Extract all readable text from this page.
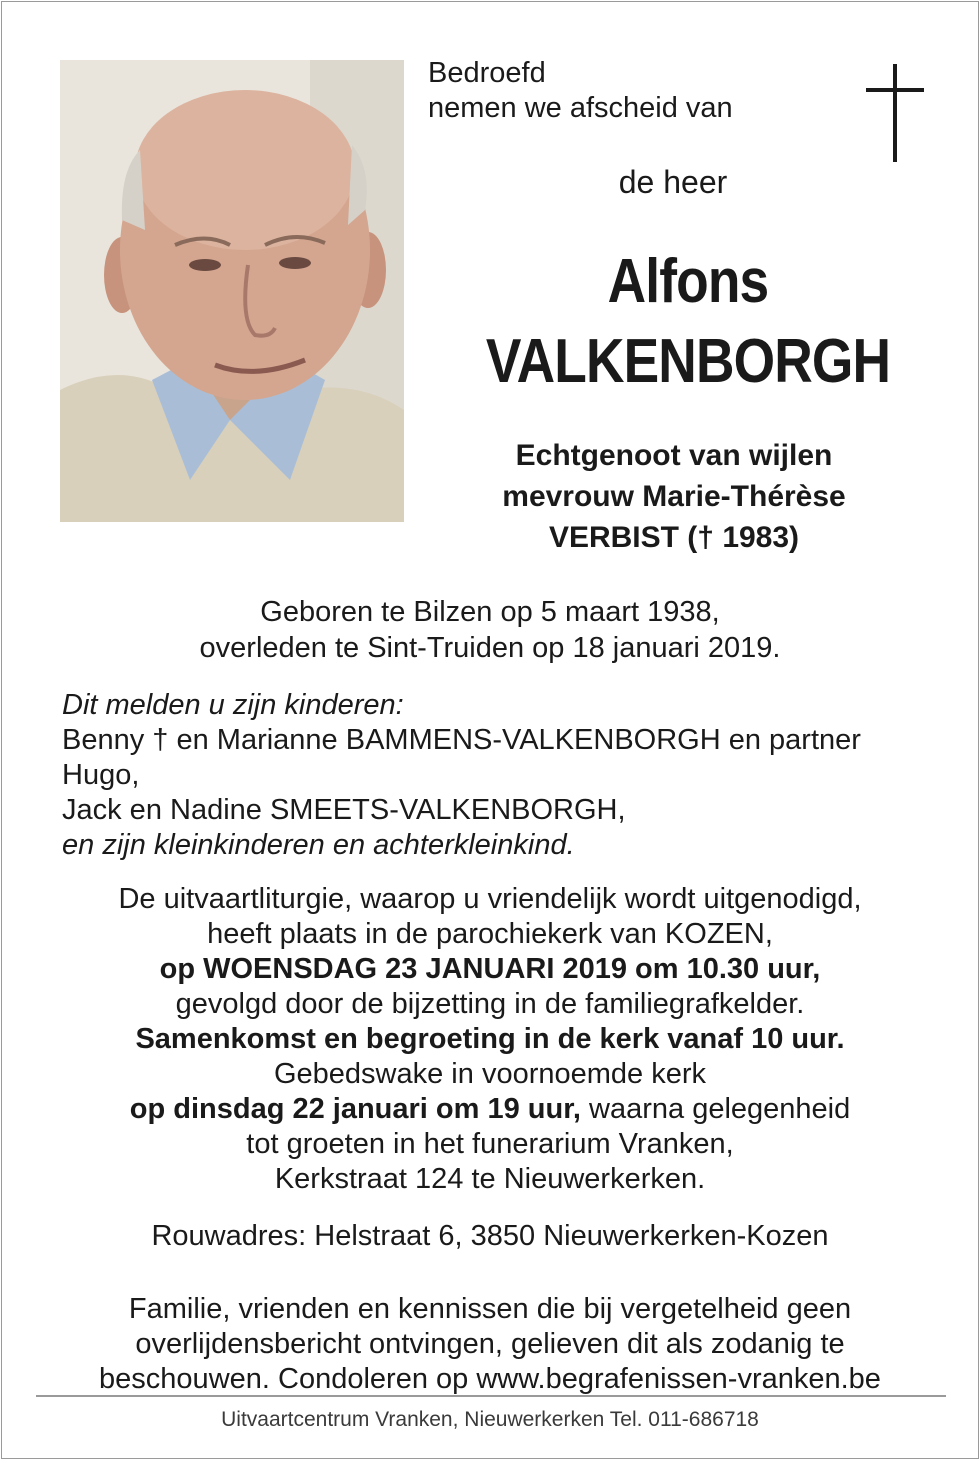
Bedroefd
nemen we afscheid van
de heer
Alfons
VALKENBORGH
Echtgenoot van wijlen
mevrouw Marie-Thérèse
VERBIST († 1983)
Geboren te Bilzen op 5 maart 1938,
overleden te Sint-Truiden op 18 januari 2019.
Dit melden u zijn kinderen:
Benny † en Marianne BAMMENS-VALKENBORGH en partner
Hugo,
Jack en Nadine SMEETS-VALKENBORGH,
en zijn kleinkinderen en achterkleinkind.
De uitvaartliturgie, waarop u vriendelijk wordt uitgenodigd,
heeft plaats in de parochiekerk van KOZEN,
op WOENSDAG 23 JANUARI 2019 om 10.30 uur,
gevolgd door de bijzetting in de familiegrafkelder.
Samenkomst en begroeting in de kerk vanaf 10 uur.
Gebedswake in voornoemde kerk
op dinsdag 22 januari om 19 uur, waarna gelegenheid
tot groeten in het funerarium Vranken,
Kerkstraat 124 te Nieuwerkerken.
Rouwadres: Helstraat 6, 3850 Nieuwerkerken-Kozen
Familie, vrienden en kennissen die bij vergetelheid geen
overlijdensbericht ontvingen, gelieven dit als zodanig te
beschouwen. Condoleren op www.begrafenissen-vranken.be
Uitvaartcentrum Vranken, Nieuwerkerken Tel. 011-686718
